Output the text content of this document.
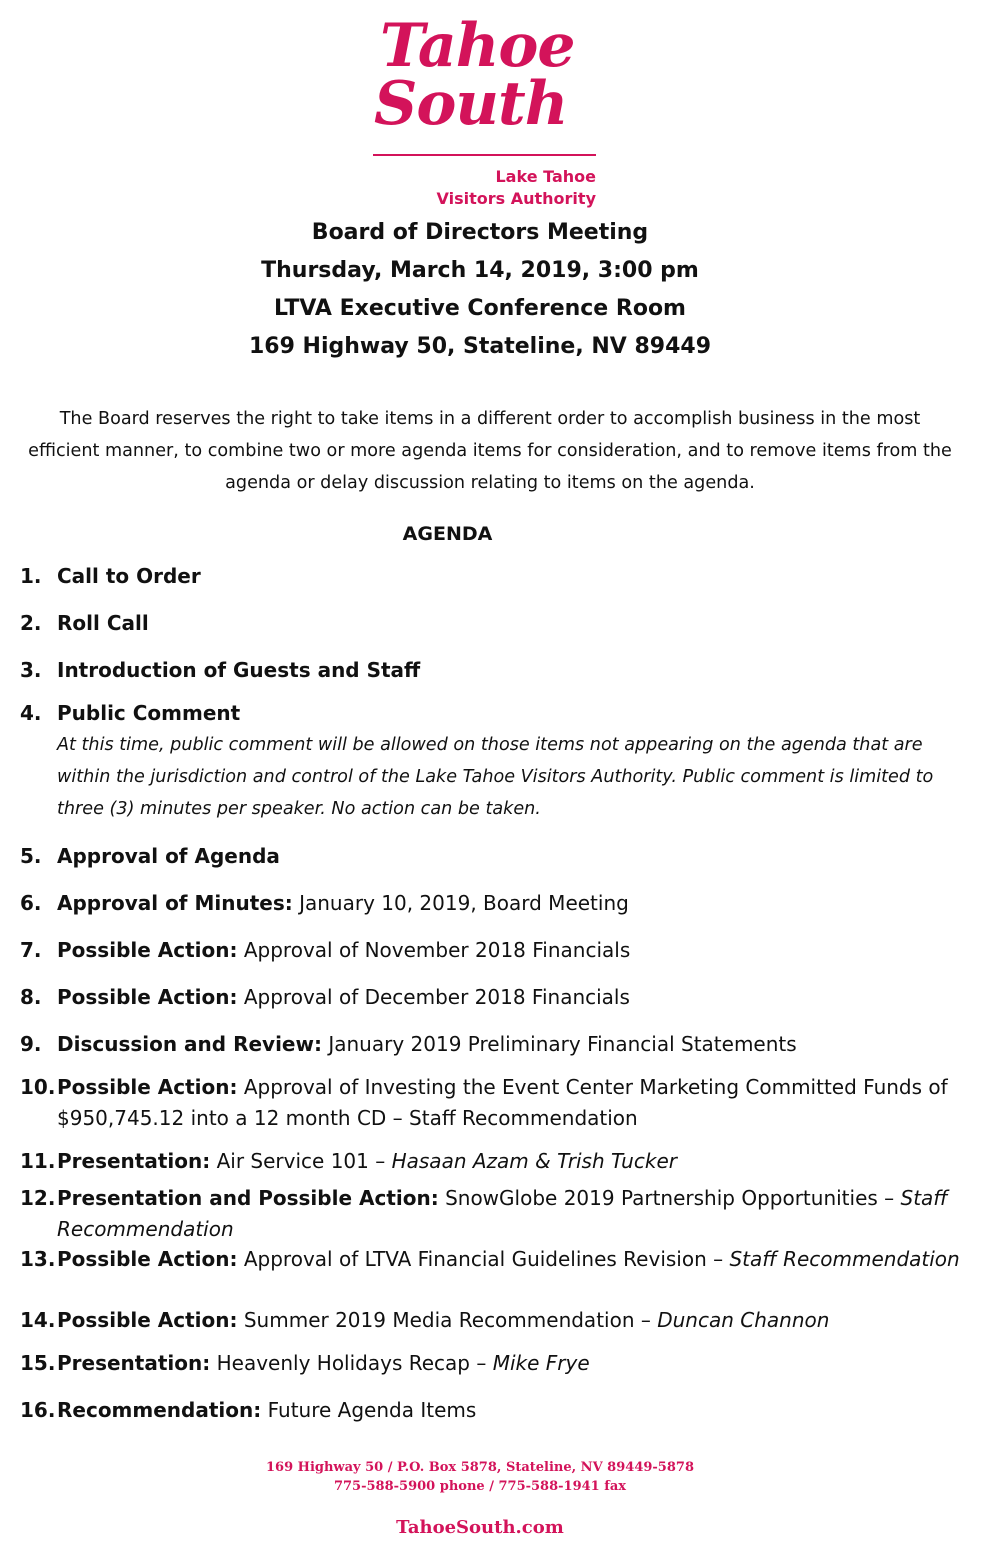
Tahoe
South
Lake Tahoe
Visitors Authority
Board of Directors Meeting
Thursday, March 14, 2019, 3:00 pm
LTVA Executive Conference Room
169 Highway 50, Stateline, NV 89449
The Board reserves the right to take items in a different order to accomplish business in the most efficient manner, to combine two or more agenda items for consideration, and to remove items from the agenda or delay discussion relating to items on the agenda.
AGENDA
1. Call to Order
2. Roll Call
3. Introduction of Guests and Staff
4. Public Comment
At this time, public comment will be allowed on those items not appearing on the agenda that are within the jurisdiction and control of the Lake Tahoe Visitors Authority. Public comment is limited to three (3) minutes per speaker. No action can be taken.
5. Approval of Agenda
6. Approval of Minutes: January 10, 2019, Board Meeting
7. Possible Action: Approval of November 2018 Financials
8. Possible Action: Approval of December 2018 Financials
9. Discussion and Review: January 2019 Preliminary Financial Statements
10. Possible Action: Approval of Investing the Event Center Marketing Committed Funds of $950,745.12 into a 12 month CD – Staff Recommendation
11. Presentation: Air Service 101 – Hasaan Azam & Trish Tucker
12. Presentation and Possible Action: SnowGlobe 2019 Partnership Opportunities – Staff Recommendation
13. Possible Action: Approval of LTVA Financial Guidelines Revision – Staff Recommendation
14. Possible Action: Summer 2019 Media Recommendation – Duncan Channon
15. Presentation: Heavenly Holidays Recap – Mike Frye
16. Recommendation: Future Agenda Items
169 Highway 50 / P.O. Box 5878, Stateline, NV 89449-5878
775-588-5900 phone / 775-588-1941 fax
TahoeSouth.com
